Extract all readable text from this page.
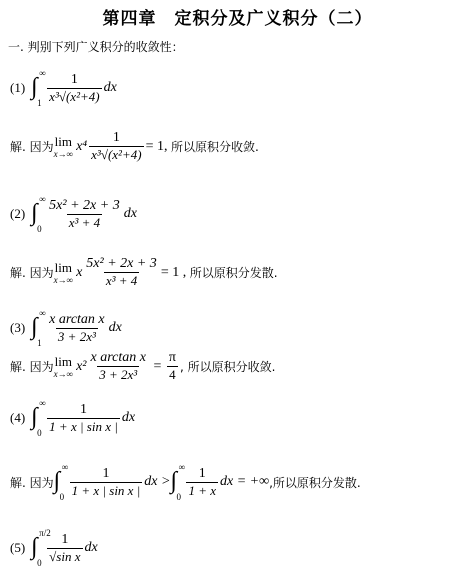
第四章　定积分及广义积分（二）
一. 判别下列广义积分的收敛性：
(1) ∫
∞
$1 \frac{1}{\text{x³√(x²+4)}}$ dx
解. 因为 lim
x→∞ $x^4 \frac{1}{\text{x³√(x²+4)}} = 1$,
所以原积分收敛.
(2) ∫
∞
$0 \frac{\text{5x² + 2x + 3}}{\text{x³ + 4}}$ dx
解. 因为 lim
x→∞ x $\frac{\text{5x² + 2x + 3}}{\text{x³ + 4}} = 1$ ,
所以原积分发散.
(3) ∫
∞
$1 \frac{\text{x arctan x}}{\text{3 + 2x³}}$ dx
解. 因为 lim
x→∞ $x^2 \frac{\text{x arctan x}}{\text{3 + 2x³}} = \frac{\pi}{4}$ , 所以原积分收敛.
(4) ∫
∞
$0 \frac{1}{\text{1 + x | sin x |}}$ dx
解. 因为 ∫
∞
$0 \frac{1}{\text{1 + x | sin x |}}$ dx > ∫
∞
$0 \frac{1}{1 + x}$ dx = +∞ ,所以原积分发散.
(5) ∫
π/2
$0 \frac{1}{\text{√sin x}}$ dx
